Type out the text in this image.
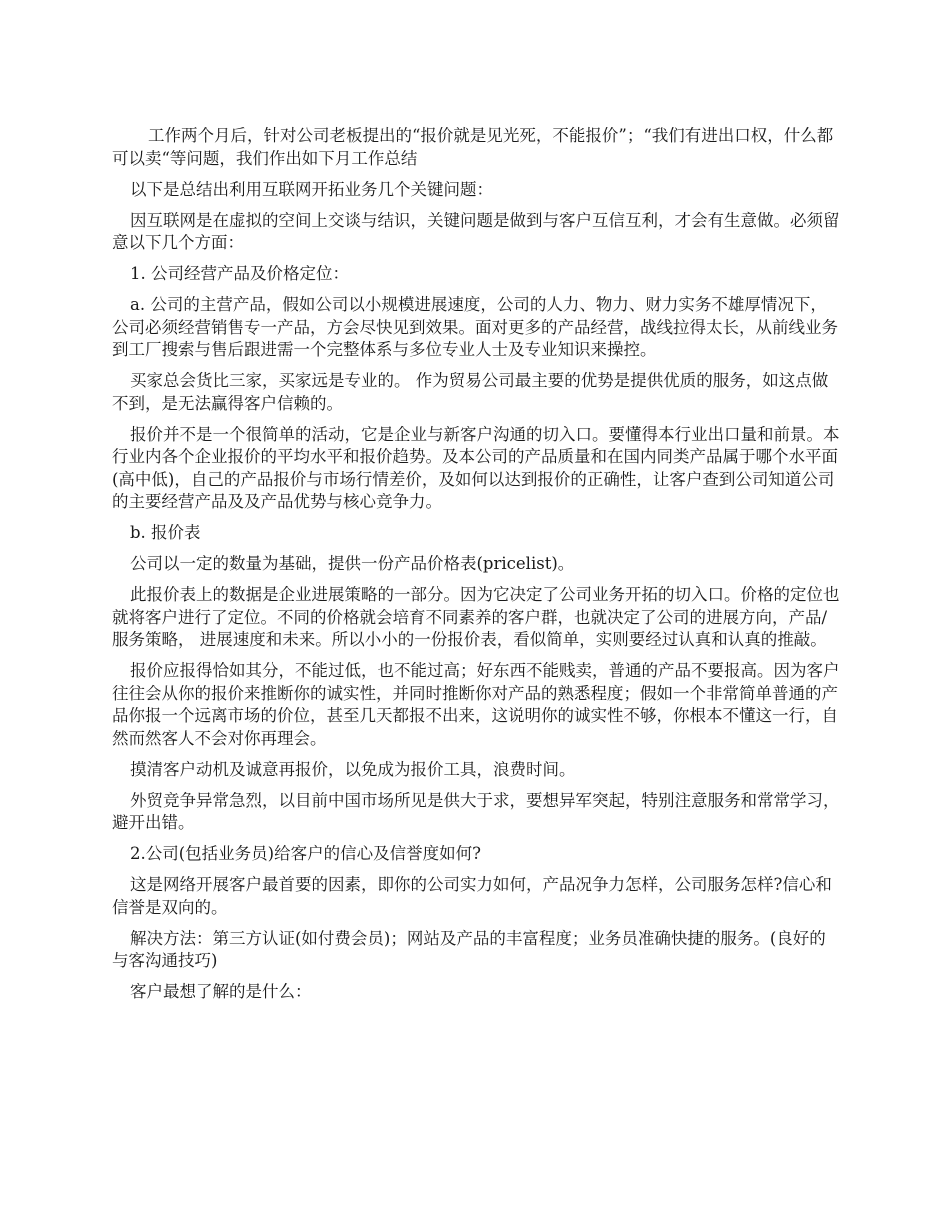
工作两个月后，针对公司老板提出的“报价就是见光死，不能报价”；“我们有进出口权，什么都可以卖“等问题，我们作出如下月工作总结

以下是总结出利用互联网开拓业务几个关键问题：

因互联网是在虚拟的空间上交谈与结识，关键问题是做到与客户互信互利，才会有生意做。必须留意以下几个方面：

1. 公司经营产品及价格定位：

a. 公司的主营产品，假如公司以小规模进展速度，公司的人力、物力、财力实务不雄厚情况下，公司必须经营销售专一产品，方会尽快见到效果。面对更多的产品经营，战线拉得太长，从前线业务到工厂搜索与售后跟进需一个完整体系与多位专业人士及专业知识来操控。

买家总会货比三家，买家远是专业的。 作为贸易公司最主要的优势是提供优质的服务，如这点做不到，是无法赢得客户信赖的。

报价并不是一个很简单的活动，它是企业与新客户沟通的切入口。要懂得本行业出口量和前景。本行业内各个企业报价的平均水平和报价趋势。及本公司的产品质量和在国内同类产品属于哪个水平面(高中低)，自己的产品报价与市场行情差价，及如何以达到报价的正确性，让客户查到公司知道公司的主要经营产品及及产品优势与核心竞争力。

b. 报价表

公司以一定的数量为基础，提供一份产品价格表(pricelist)。

此报价表上的数据是企业进展策略的一部分。因为它决定了公司业务开拓的切入口。价格的定位也就将客户进行了定位。不同的价格就会培育不同素养的客户群，也就决定了公司的进展方向，产品/服务策略， 进展速度和未来。所以小小的一份报价表，看似简单，实则要经过认真和认真的推敲。

报价应报得恰如其分，不能过低，也不能过高；好东西不能贱卖，普通的产品不要报高。因为客户往往会从你的报价来推断你的诚实性，并同时推断你对产品的熟悉程度；假如一个非常简单普通的产品你报一个远离市场的价位，甚至几天都报不出来，这说明你的诚实性不够，你根本不懂这一行，自然而然客人不会对你再理会。

摸清客户动机及诚意再报价，以免成为报价工具，浪费时间。

外贸竞争异常急烈，以目前中国市场所见是供大于求，要想异军突起，特别注意服务和常常学习，避开出错。

2.公司(包括业务员)给客户的信心及信誉度如何?

这是网络开展客户最首要的因素，即你的公司实力如何，产品况争力怎样，公司服务怎样?信心和信誉是双向的。

解决方法：第三方认证(如付费会员)；网站及产品的丰富程度；业务员准确快捷的服务。(良好的与客沟通技巧)

客户最想了解的是什么：
